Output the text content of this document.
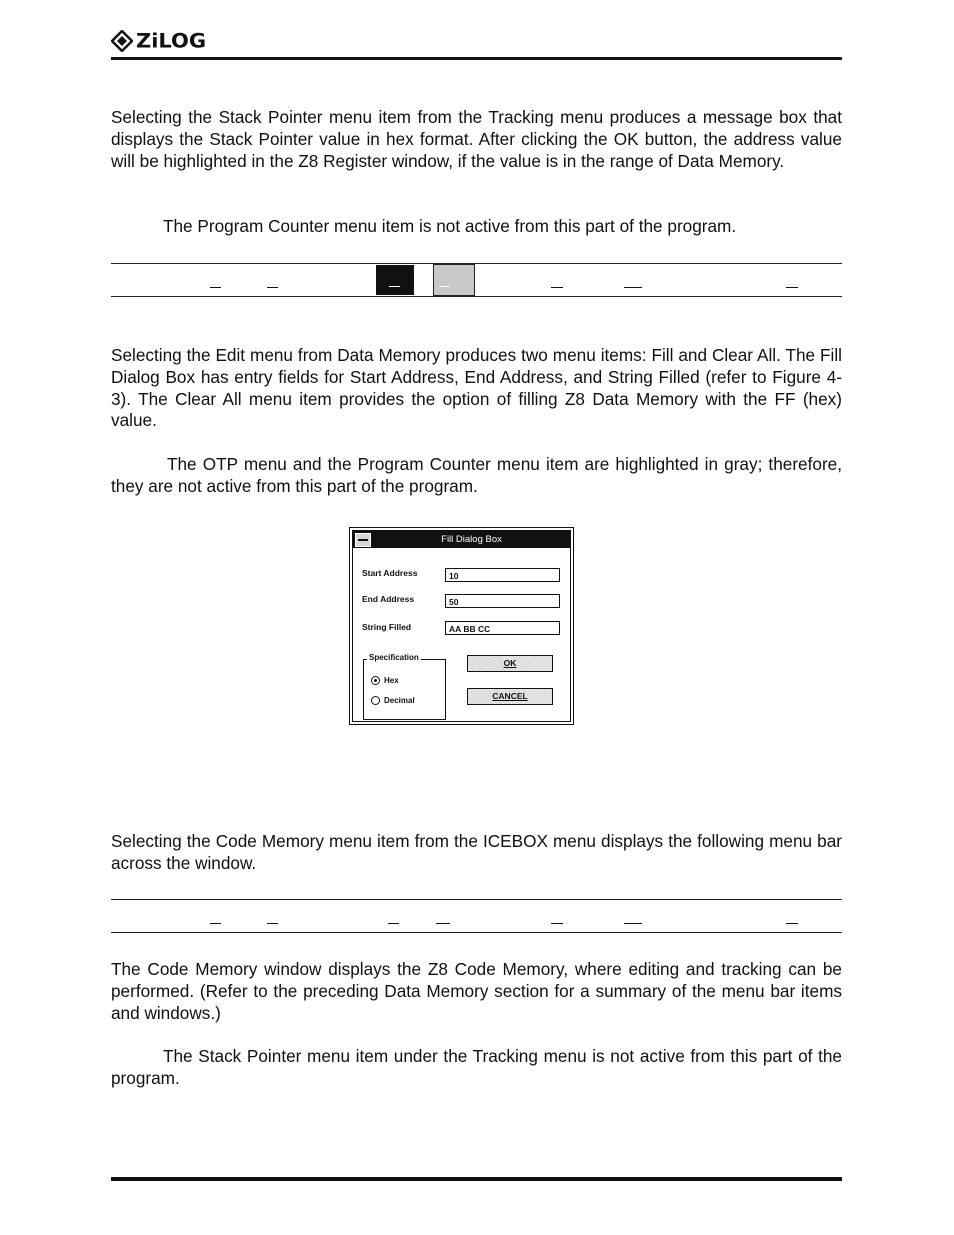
ZiLOG

Selecting the Stack Pointer menu item from the Tracking menu produces a message box that displays the Stack Pointer value in hex format. After clicking the OK button, the address value will be highlighted in the Z8 Register window, if the value is in the range of Data Memory.

The Program Counter menu item is not active from this part of the program.

Selecting the Edit menu from Data Memory produces two menu items: Fill and Clear All. The Fill Dialog Box has entry fields for Start Address, End Address, and String Filled (refer to Figure 4-3). The Clear All menu item provides the option of filling Z8 Data Memory with the FF (hex) value.

The OTP menu and the Program Counter menu item are highlighted in gray; therefore, they are not active from this part of the program.

Fill Dialog Box
Start Address	10
End Address	50
String Filled	AA BB CC
Specification
Hex
Decimal
OK
CANCEL

Selecting the Code Memory menu item from the ICEBOX menu displays the following menu bar across the window.

The Code Memory window displays the Z8 Code Memory, where editing and tracking can be performed. (Refer to the preceding Data Memory section for a summary of the menu bar items and windows.)

The Stack Pointer menu item under the Tracking menu is not active from this part of the program.
